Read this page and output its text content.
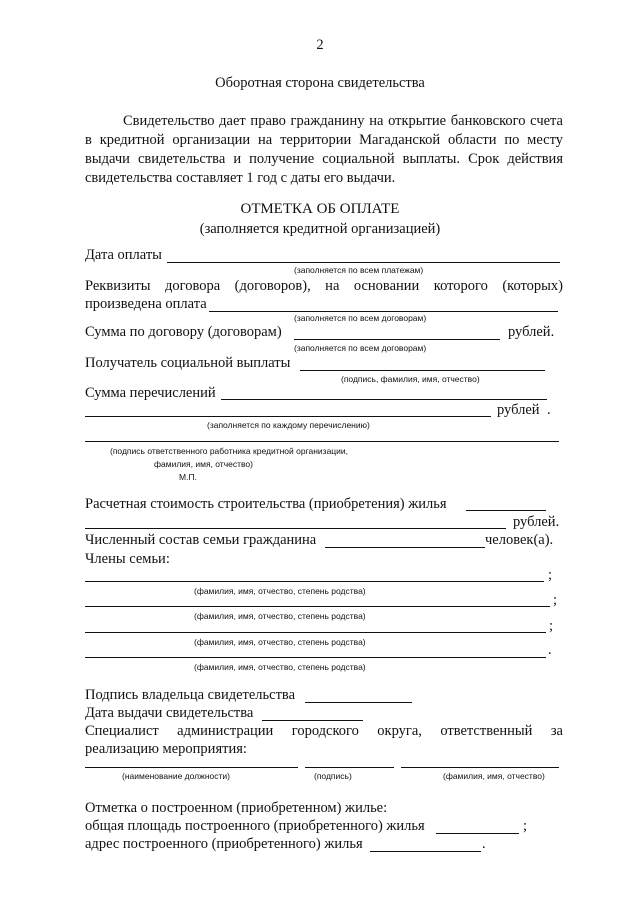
2
Оборотная сторона свидетельства
Свидетельство дает право гражданину на открытие банковского счета
в кредитной организации на территории Магаданской области по месту
выдачи свидетельства и получение социальной выплаты. Срок действия
свидетельства составляет 1 год с даты его выдачи.
ОТМЕТКА ОБ ОПЛАТЕ
(заполняется кредитной организацией)
Дата оплаты
(заполняется по всем платежам)
Реквизиты договора (договоров), на основании которого (которых)
произведена оплата
(заполняется по всем договорам)
Сумма по договору (договорам)	рублей.
(заполняется по всем договорам)
Получатель социальной выплаты
(подпись, фамилия, имя, отчество)
Сумма перечислений
рублей .
(заполняется по каждому перечислению)
(подпись ответственного работника кредитной организации,
фамилия, имя, отчество)
М.П.
Расчетная стоимость строительства (приобретения) жилья
рублей.
Численный состав семьи гражданина	человек(а).
Члены семьи:
;
(фамилия, имя, отчество, степень родства)
;
(фамилия, имя, отчество, степень родства)
;
(фамилия, имя, отчество, степень родства)	.
(фамилия, имя, отчество, степень родства)
Подпись владельца свидетельства
Дата выдачи свидетельства
Специалист администрации городского округа, ответственный за
реализацию мероприятия:
(наименование должности)	(подпись)	(фамилия, имя, отчество)
Отметка о построенном (приобретенном) жилье:
общая площадь построенного (приобретенного) жилья	;
адрес построенного (приобретенного) жилья	.
